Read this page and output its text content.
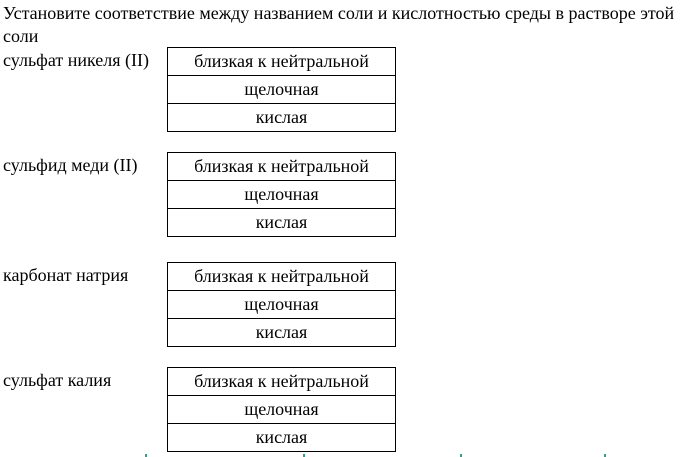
Установите соответствие между названием соли и кислотностью среды в растворе этой соли
сульфат никеля (II)	близкая к нейтральной
щелочная
кислая
сульфид меди (II)	близкая к нейтральной
щелочная
кислая
карбонат натрия	близкая к нейтральной
щелочная
кислая
сульфат калия	близкая к нейтральной
щелочная
кислая
